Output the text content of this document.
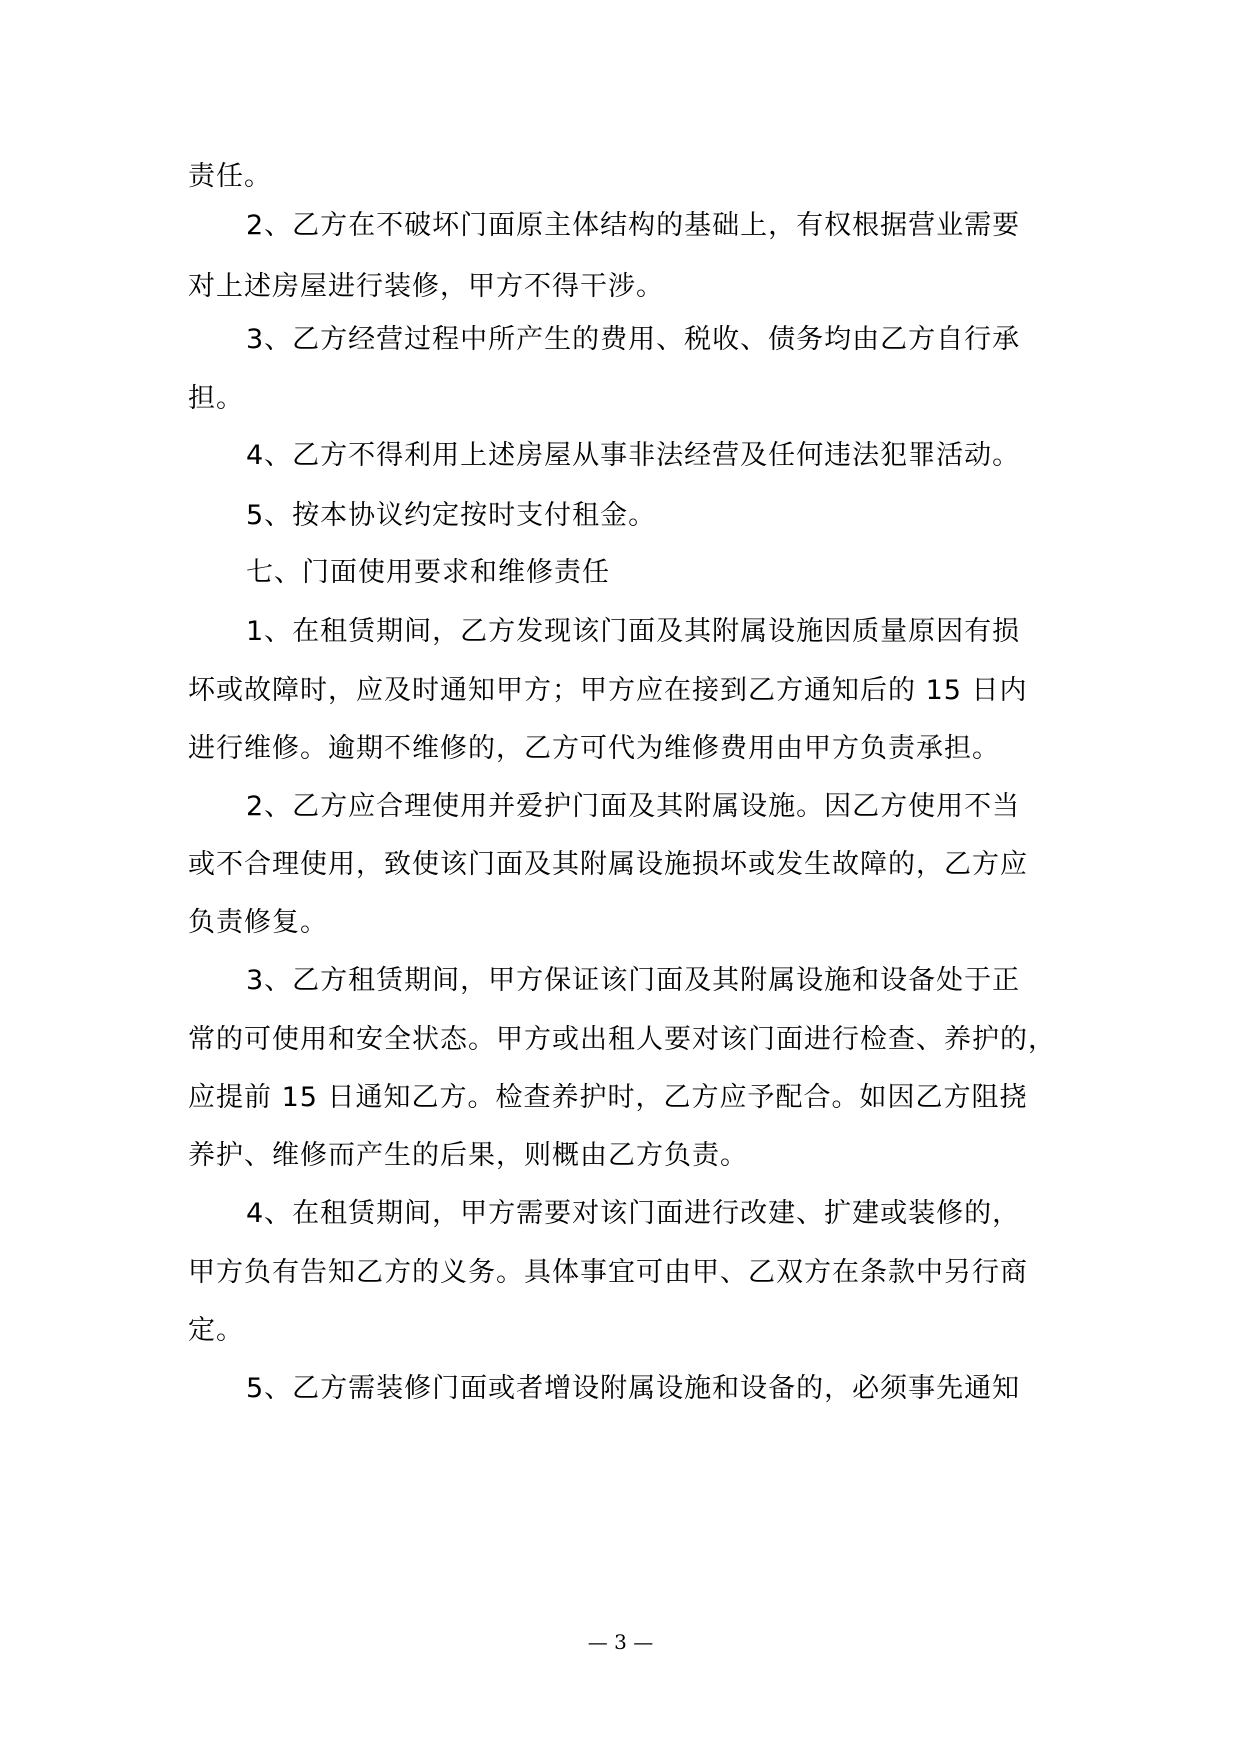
责任。
2、乙方在不破坏门面原主体结构的基础上，有权根据营业需要
对上述房屋进行装修，甲方不得干涉。
3、乙方经营过程中所产生的费用、税收、债务均由乙方自行承
担。
4、乙方不得利用上述房屋从事非法经营及任何违法犯罪活动。
5、按本协议约定按时支付租金。
七、门面使用要求和维修责任
1、在租赁期间，乙方发现该门面及其附属设施因质量原因有损
坏或故障时，应及时通知甲方；甲方应在接到乙方通知后的 15 日内
进行维修。逾期不维修的，乙方可代为维修费用由甲方负责承担。
2、乙方应合理使用并爱护门面及其附属设施。因乙方使用不当
或不合理使用，致使该门面及其附属设施损坏或发生故障的，乙方应
负责修复。
3、乙方租赁期间，甲方保证该门面及其附属设施和设备处于正
常的可使用和安全状态。甲方或出租人要对该门面进行检查、养护的，
应提前 15 日通知乙方。检查养护时，乙方应予配合。如因乙方阻挠
养护、维修而产生的后果，则概由乙方负责。
4、在租赁期间，甲方需要对该门面进行改建、扩建或装修的，
甲方负有告知乙方的义务。具体事宜可由甲、乙双方在条款中另行商
定。
5、乙方需装修门面或者增设附属设施和设备的，必须事先通知
— 3 —
